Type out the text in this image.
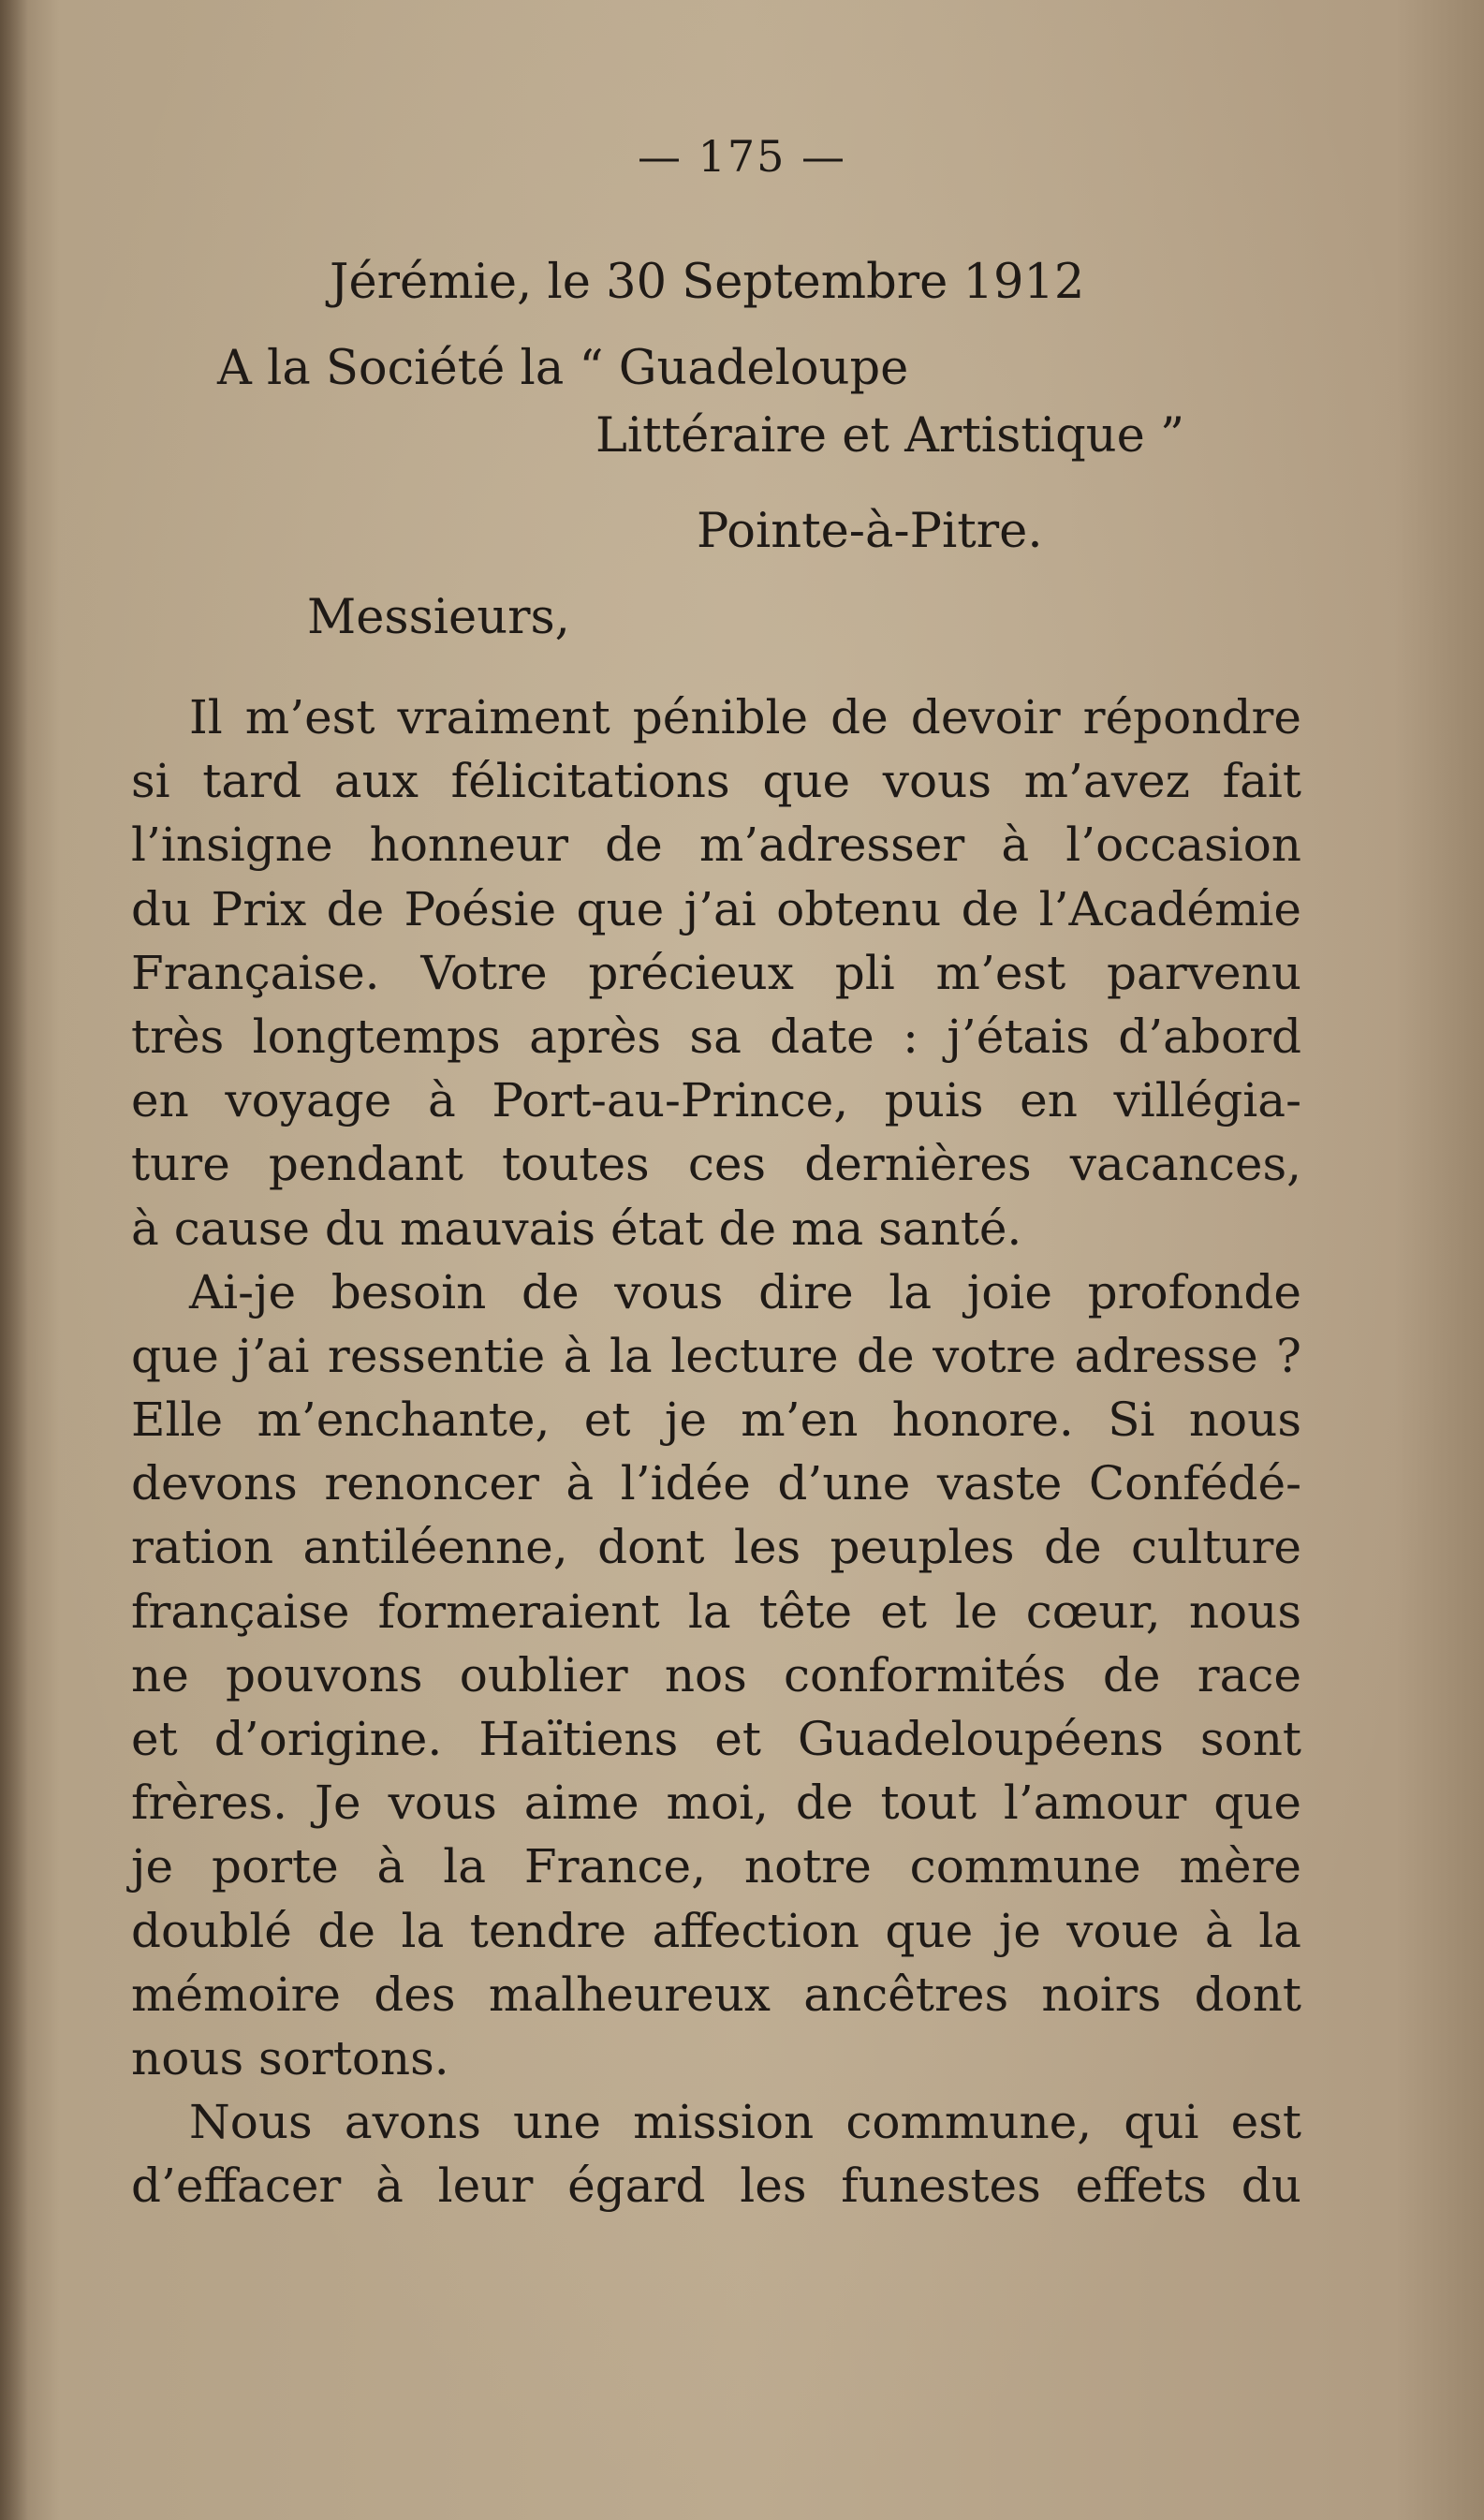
— 175 —
Jérémie, le 30 Septembre 1912
A la Société la “ Guadeloupe
Littéraire et Artistique ”
Pointe-à-Pitre.
Messieurs,
Il m’est vraiment pénible de devoir répondre
si tard aux félicitations que vous m’avez fait
l’insigne honneur de m’adresser à l’occasion
du Prix de Poésie que j’ai obtenu de l’Académie
Française. Votre précieux pli m’est parvenu
très longtemps après sa date : j’étais d’abord
en voyage à Port-au-Prince, puis en villégia-
ture pendant toutes ces dernières vacances,
à cause du mauvais état de ma santé.
Ai-je besoin de vous dire la joie profonde
que j’ai ressentie à la lecture de votre adresse ?
Elle m’enchante, et je m’en honore. Si nous
devons renoncer à l’idée d’une vaste Confédé-
ration antiléenne, dont les peuples de culture
française formeraient la tête et le cœur, nous
ne pouvons oublier nos conformités de race
et d’origine. Haïtiens et Guadeloupéens sont
frères. Je vous aime moi, de tout l’amour que
je porte à la France, notre commune mère
doublé de la tendre affection que je voue à la
mémoire des malheureux ancêtres noirs dont
nous sortons.
Nous avons une mission commune, qui est
d’effacer à leur égard les funestes effets du
